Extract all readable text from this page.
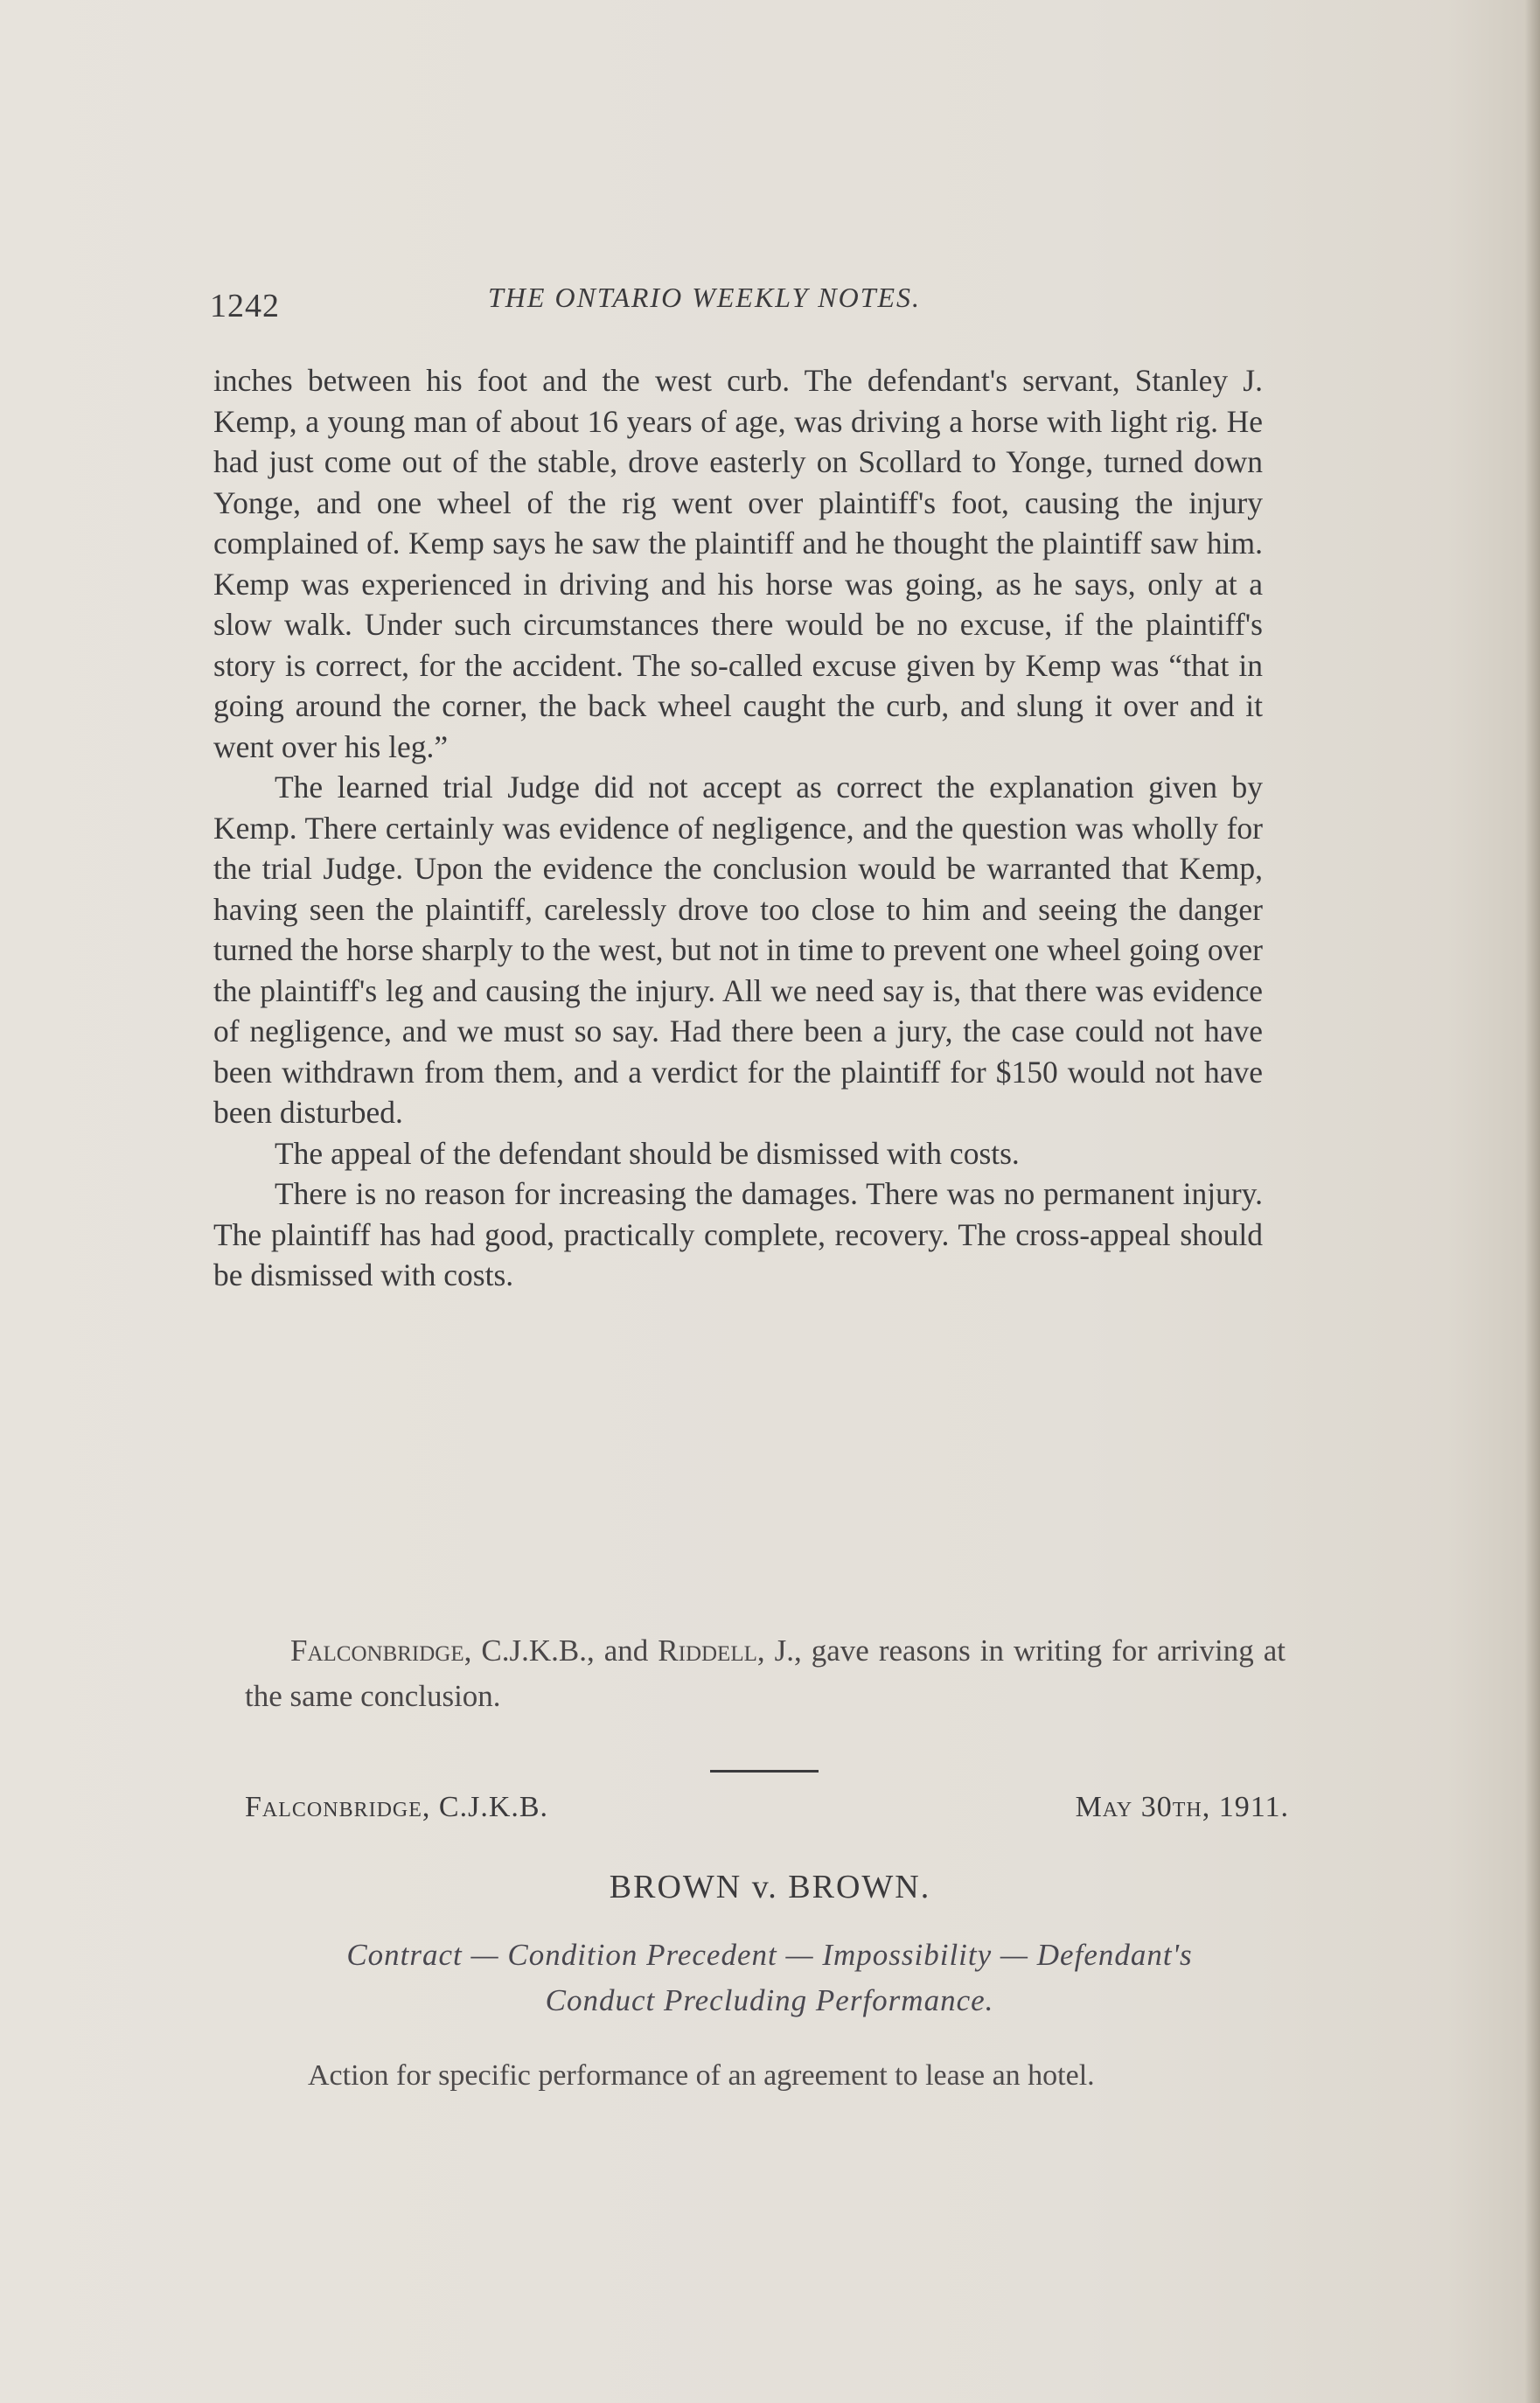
1242	THE ONTARIO WEEKLY NOTES.

inches between his foot and the west curb. The defendant's servant, Stanley J. Kemp, a young man of about 16 years of age, was driving a horse with light rig. He had just come out of the stable, drove easterly on Scollard to Yonge, turned down Yonge, and one wheel of the rig went over plaintiff's foot, causing the injury complained of. Kemp says he saw the plaintiff and he thought the plaintiff saw him. Kemp was experienced in driving and his horse was going, as he says, only at a slow walk. Under such circumstances there would be no excuse, if the plaintiff's story is correct, for the accident. The so-called excuse given by Kemp was “that in going around the corner, the back wheel caught the curb, and slung it over and it went over his leg.”

The learned trial Judge did not accept as correct the explanation given by Kemp. There certainly was evidence of negligence, and the question was wholly for the trial Judge. Upon the evidence the conclusion would be warranted that Kemp, having seen the plaintiff, carelessly drove too close to him and seeing the danger turned the horse sharply to the west, but not in time to prevent one wheel going over the plaintiff's leg and causing the injury. All we need say is, that there was evidence of negligence, and we must so say. Had there been a jury, the case could not have been withdrawn from them, and a verdict for the plaintiff for $150 would not have been disturbed.

The appeal of the defendant should be dismissed with costs.

There is no reason for increasing the damages. There was no permanent injury. The plaintiff has had good, practically complete, recovery. The cross-appeal should be dismissed with costs.

Falconbridge, C.J.K.B., and Riddell, J., gave reasons in writing for arriving at the same conclusion.
Falconbridge, C.J.K.B.	May 30th, 1911.
BROWN v. BROWN.
Contract — Condition Precedent — Impossibility — Defendant's
Conduct Precluding Performance.
Action for specific performance of an agreement to lease an hotel.
